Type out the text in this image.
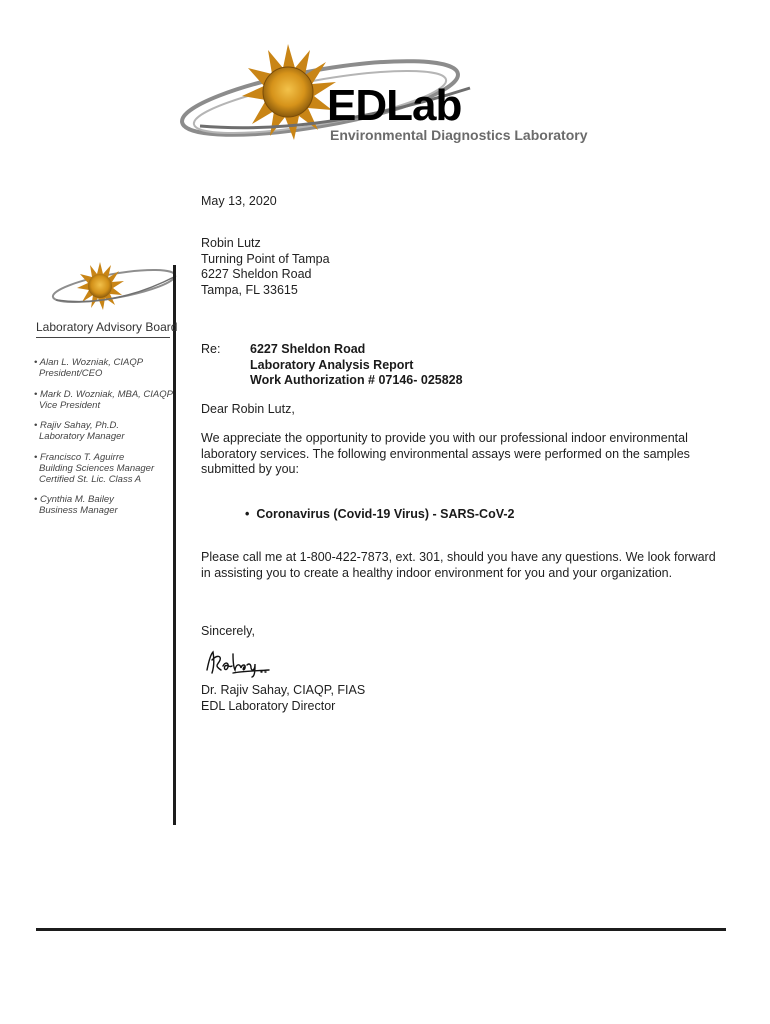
EDLab
Environmental Diagnostics Laboratory
Laboratory Advisory Board
• Alan L. Wozniak, CIAQP
President/CEO
• Mark D. Wozniak, MBA, CIAQP
Vice President
• Rajiv Sahay, Ph.D.
Laboratory Manager
• Francisco T. Aguirre
Building Sciences Manager
Certified St. Lic. Class A
• Cynthia M. Bailey
Business Manager
May 13, 2020
Robin Lutz
Turning Point of Tampa
6227 Sheldon Road
Tampa, FL 33615
Re: 6227 Sheldon Road
Laboratory Analysis Report
Work Authorization # 07146- 025828
Dear Robin Lutz,
We appreciate the opportunity to provide you with our professional indoor environmental
laboratory services. The following environmental assays were performed on the samples
submitted by you:
•  Coronavirus (Covid-19 Virus) - SARS-CoV-2
Please call me at 1-800-422-7873, ext. 301, should you have any questions. We look forward
in assisting you to create a healthy indoor environment for you and your organization.
Sincerely,
Dr. Rajiv Sahay, CIAQP, FIAS
EDL Laboratory Director
